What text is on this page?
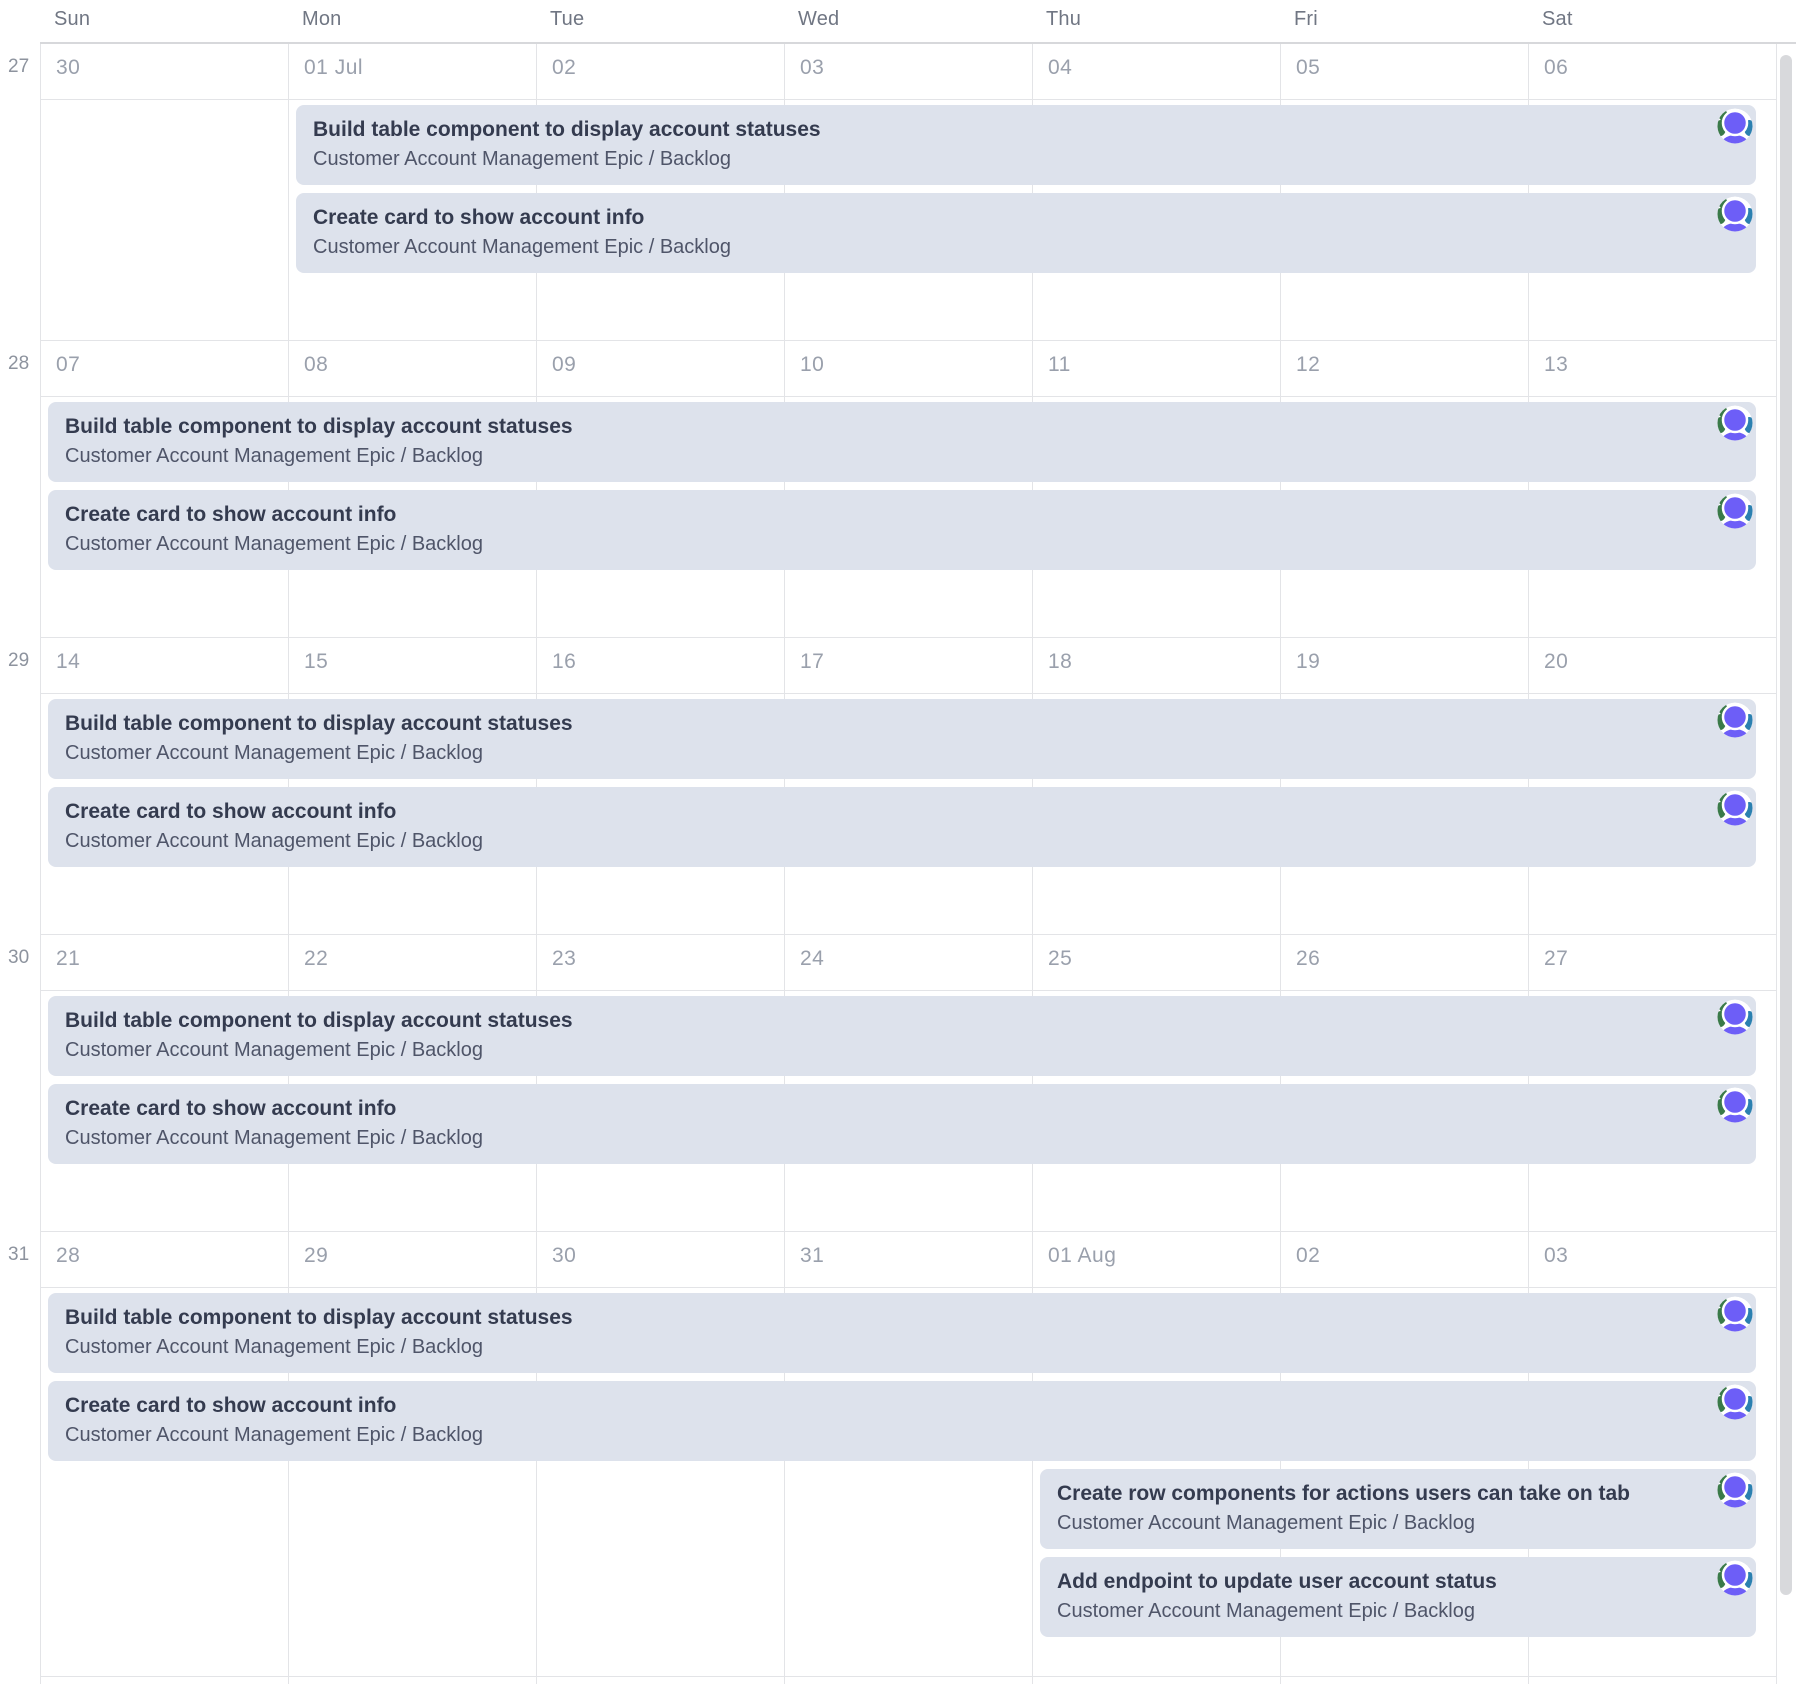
Sun	Mon	Tue	Wed	Thu	Fri	Sat
27 30	01 Jul	02	03	04	05	06
Build table component to display account statuses
Customer Account Management Epic / Backlog
Create card to show account info
Customer Account Management Epic / Backlog
28 07	08	09	10	11	12	13
Build table component to display account statuses
Customer Account Management Epic / Backlog
Create card to show account info
Customer Account Management Epic / Backlog
29 14	15	16	17	18	19	20
Build table component to display account statuses
Customer Account Management Epic / Backlog
Create card to show account info
Customer Account Management Epic / Backlog
30 21	22	23	24	25	26	27
Build table component to display account statuses
Customer Account Management Epic / Backlog
Create card to show account info
Customer Account Management Epic / Backlog
31 28	29	30	31	01 Aug	02	03
Build table component to display account statuses
Customer Account Management Epic / Backlog
Create card to show account info
Customer Account Management Epic / Backlog
Create row components for actions users can take on tab
Customer Account Management Epic / Backlog
Add endpoint to update user account status
Customer Account Management Epic / Backlog
